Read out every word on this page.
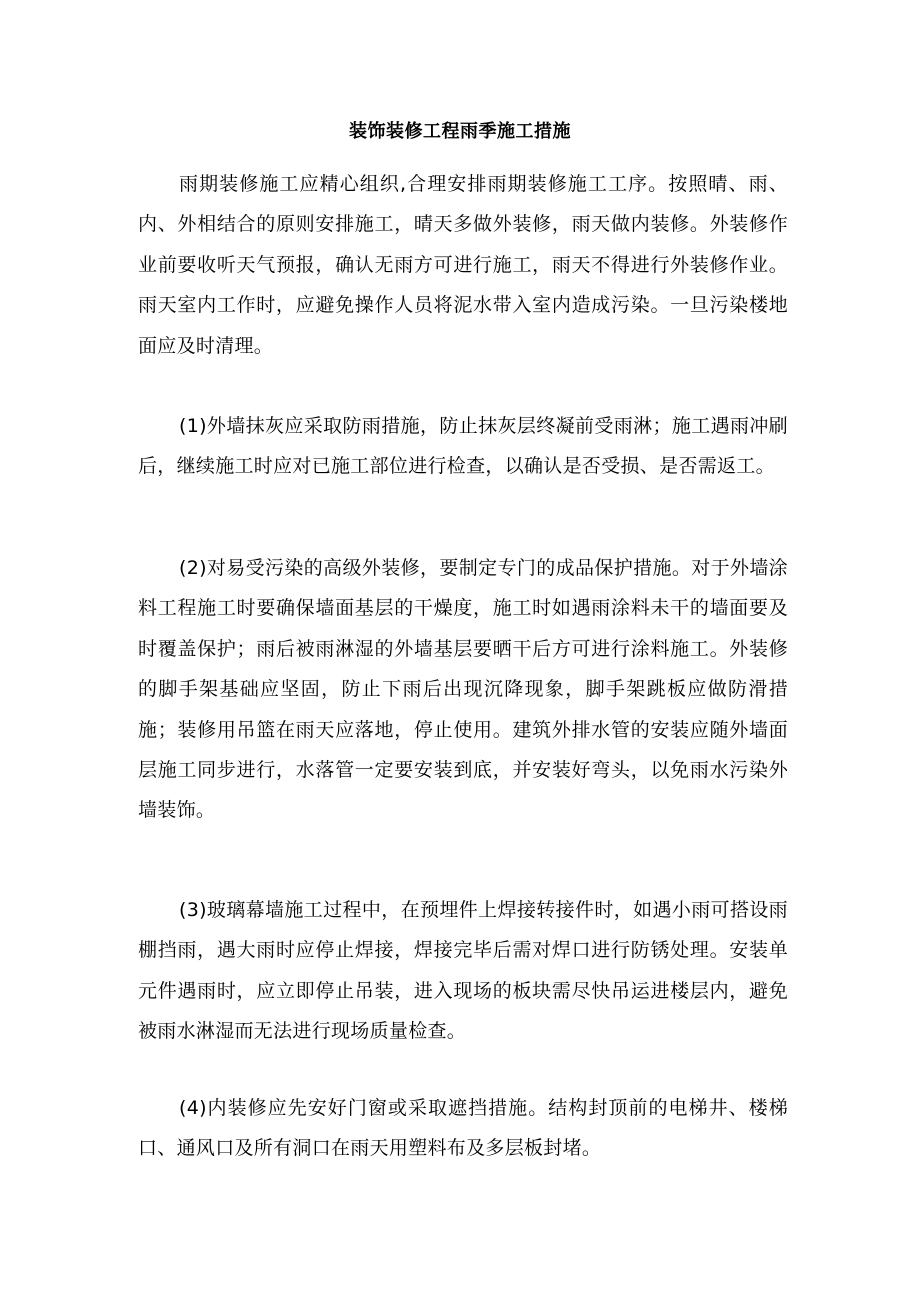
装饰装修工程雨季施工措施

雨期装修施工应精心组织,合理安排雨期装修施工工序。按照晴、雨、内、外相结合的原则安排施工，晴天多做外装修，雨天做内装修。外装修作业前要收听天气预报，确认无雨方可进行施工，雨天不得进行外装修作业。雨天室内工作时，应避免操作人员将泥水带入室内造成污染。一旦污染楼地面应及时清理。

(1)外墙抹灰应采取防雨措施，防止抹灰层终凝前受雨淋；施工遇雨冲刷后，继续施工时应对已施工部位进行检查，以确认是否受损、是否需返工。

(2)对易受污染的高级外装修，要制定专门的成品保护措施。对于外墙涂料工程施工时要确保墙面基层的干燥度，施工时如遇雨涂料未干的墙面要及时覆盖保护；雨后被雨淋湿的外墙基层要晒干后方可进行涂料施工。外装修的脚手架基础应坚固，防止下雨后出现沉降现象，脚手架跳板应做防滑措施；装修用吊篮在雨天应落地，停止使用。建筑外排水管的安装应随外墙面层施工同步进行，水落管一定要安装到底，并安装好弯头，以免雨水污染外墙装饰。

(3)玻璃幕墙施工过程中，在预埋件上焊接转接件时，如遇小雨可搭设雨棚挡雨，遇大雨时应停止焊接，焊接完毕后需对焊口进行防锈处理。安装单元件遇雨时，应立即停止吊装，进入现场的板块需尽快吊运进楼层内，避免被雨水淋湿而无法进行现场质量检查。

(4)内装修应先安好门窗或采取遮挡措施。结构封顶前的电梯井、楼梯口、通风口及所有洞口在雨天用塑料布及多层板封堵。
